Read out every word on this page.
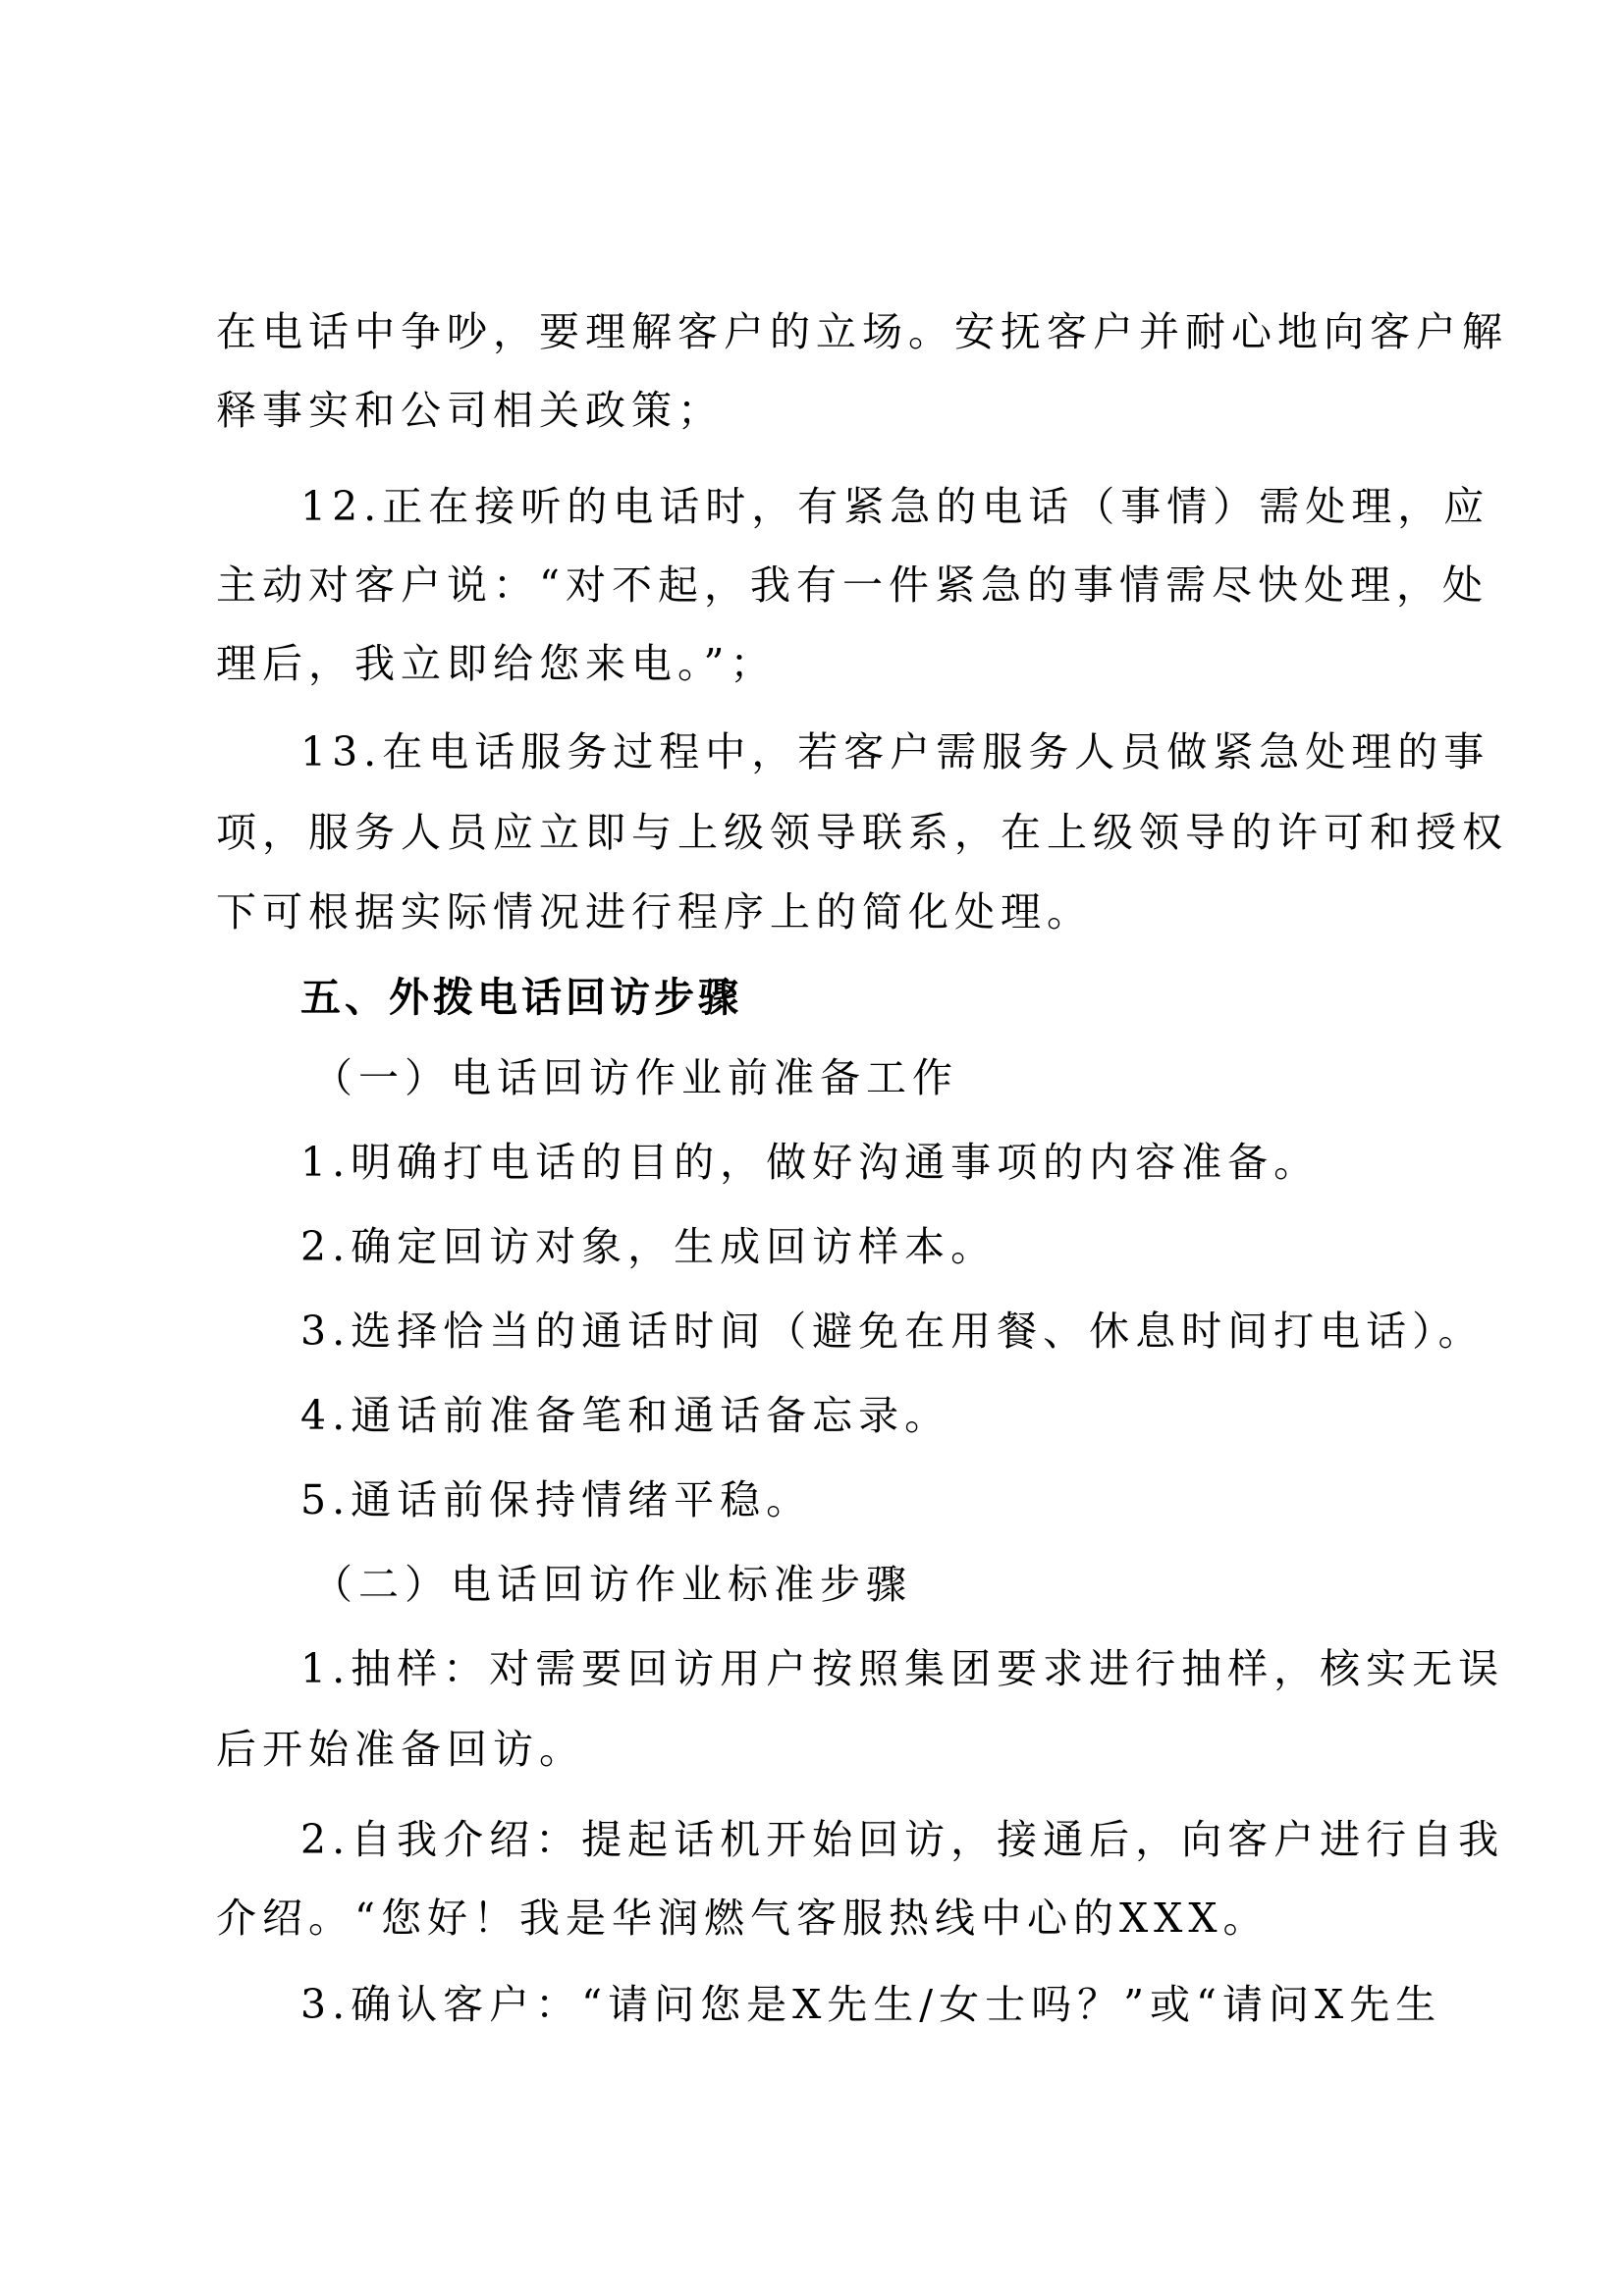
在电话中争吵，要理解客户的立场。安抚客户并耐心地向客户解
释事实和公司相关政策；
12.正在接听的电话时，有紧急的电话（事情）需处理，应
主动对客户说：“对不起，我有一件紧急的事情需尽快处理，处
理后，我立即给您来电。”；
13.在电话服务过程中，若客户需服务人员做紧急处理的事
项，服务人员应立即与上级领导联系，在上级领导的许可和授权
下可根据实际情况进行程序上的简化处理。
五、外拨电话回访步骤
（一）电话回访作业前准备工作
1.明确打电话的目的，做好沟通事项的内容准备。
2.确定回访对象，生成回访样本。
3.选择恰当的通话时间（避免在用餐、休息时间打电话）。
4.通话前准备笔和通话备忘录。
5.通话前保持情绪平稳。
（二）电话回访作业标准步骤
1.抽样：对需要回访用户按照集团要求进行抽样，核实无误
后开始准备回访。
2.自我介绍：提起话机开始回访，接通后，向客户进行自我
介绍。“您好！我是华润燃气客服热线中心的XXX。
3.确认客户：“请问您是X先生/女士吗？”或“请问X先生
